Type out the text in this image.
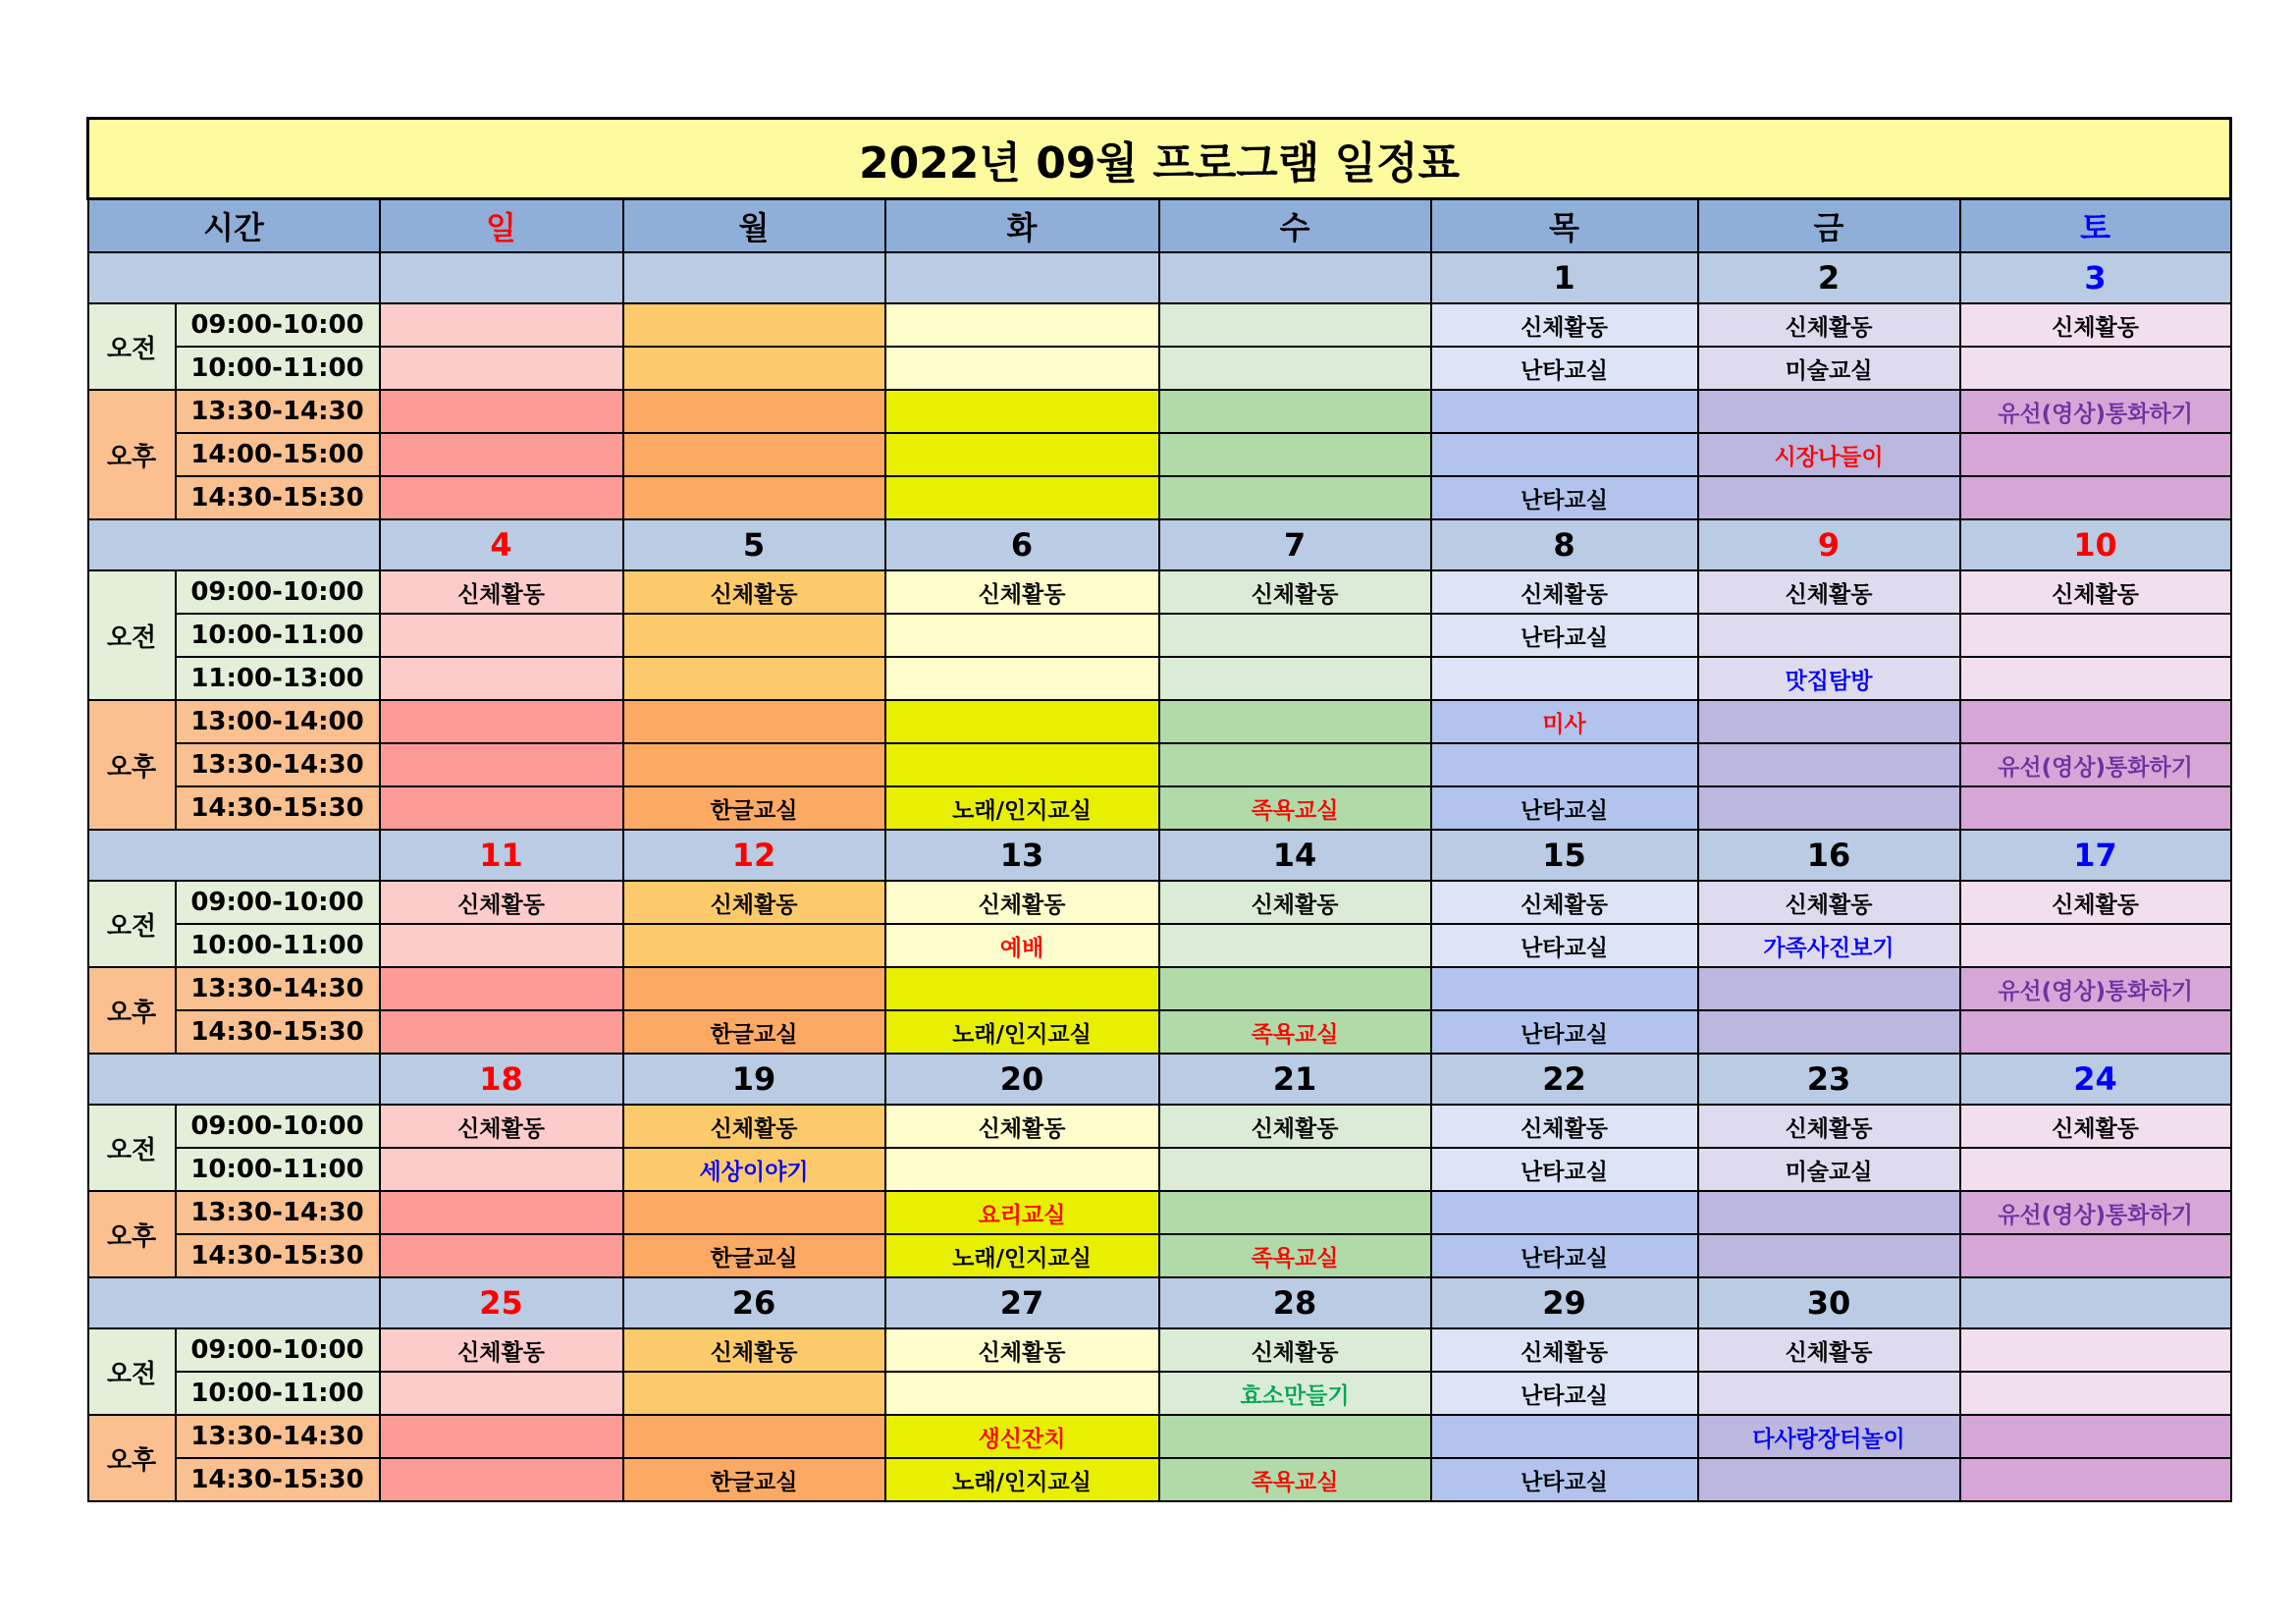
2022년 09월 프로그램 일정표								
시간		일	월	화	수	목	금	토
						1	2	3
오전	09:00-10:00					신체활동	신체활동	신체활동
	10:00-11:00					난타교실	미술교실	
오후	13:30-14:30							유선(영상)통화하기
	14:00-15:00						시장나들이	
	14:30-15:30					난타교실		
		4	5	6	7	8	9	10
오전	09:00-10:00	신체활동	신체활동	신체활동	신체활동	신체활동	신체활동	신체활동
	10:00-11:00					난타교실		
	11:00-13:00						맛집탐방	
오후	13:00-14:00					미사		
	13:30-14:30							유선(영상)통화하기
	14:30-15:30		한글교실	노래/인지교실	족욕교실	난타교실		
		11	12	13	14	15	16	17
오전	09:00-10:00	신체활동	신체활동	신체활동	신체활동	신체활동	신체활동	신체활동
	10:00-11:00			예배		난타교실	가족사진보기	
오후	13:30-14:30							유선(영상)통화하기
	14:30-15:30		한글교실	노래/인지교실	족욕교실	난타교실		
		18	19	20	21	22	23	24
오전	09:00-10:00	신체활동	신체활동	신체활동	신체활동	신체활동	신체활동	신체활동
	10:00-11:00		세상이야기			난타교실	미술교실	
오후	13:30-14:30			요리교실				유선(영상)통화하기
	14:30-15:30		한글교실	노래/인지교실	족욕교실	난타교실		
		25	26	27	28	29	30	
오전	09:00-10:00	신체활동	신체활동	신체활동	신체활동	신체활동	신체활동	
	10:00-11:00				효소만들기	난타교실		
오후	13:30-14:30			생신잔치			다사랑장터놀이	
	14:30-15:30		한글교실	노래/인지교실	족욕교실	난타교실		
